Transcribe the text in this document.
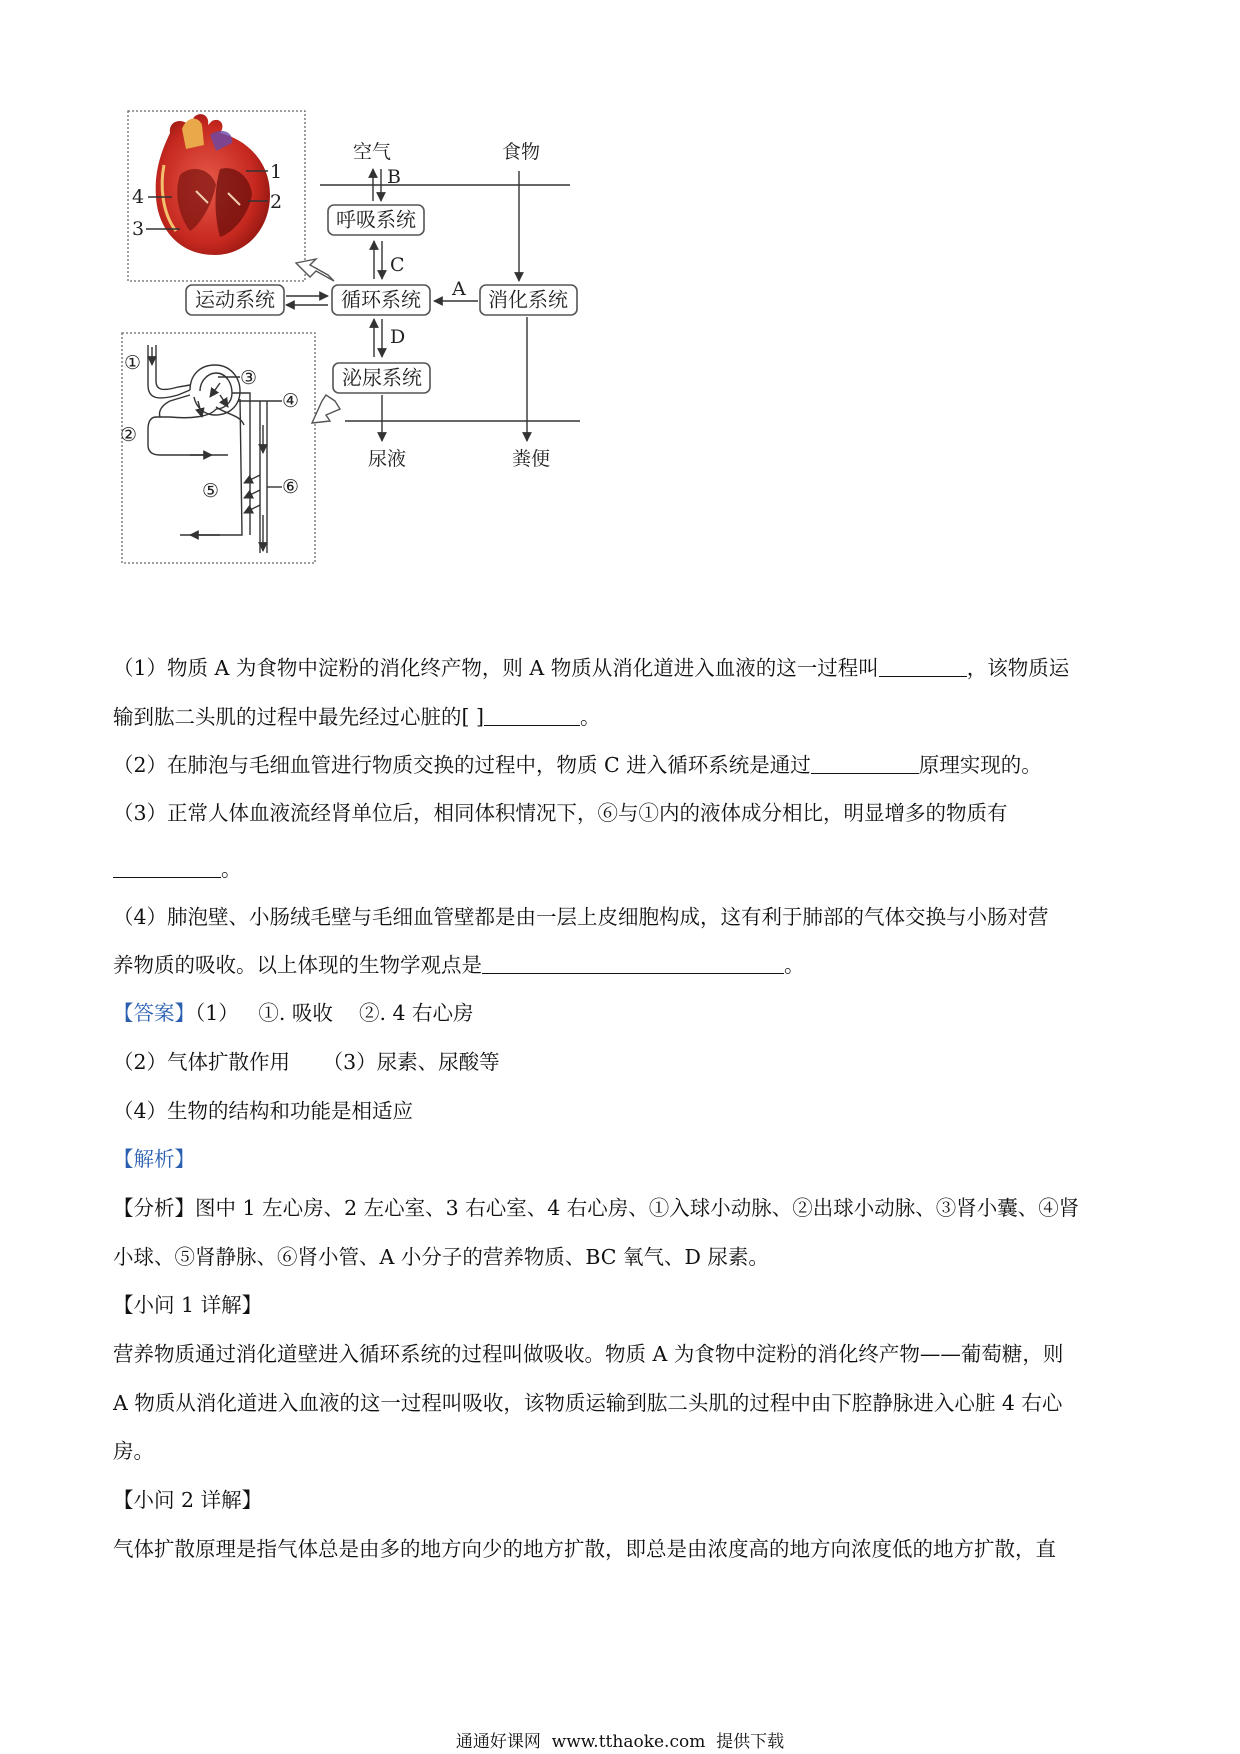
1
2
3
4
①
②
③
④
⑤	⑥
空气	食物
B
呼吸系统
循环系统	消化系统
运动系统
泌尿系统
C
A
D
尿液	粪便
（1）物质 A 为食物中淀粉的消化终产物，则 A 物质从消化道进入血液的这一过程叫	，该物质运
输到肱二头肌的过程中最先经过心脏的[ ]	。
（2）在肺泡与毛细血管进行物质交换的过程中，物质 C 进入循环系统是通过	原理实现的。
（3）正常人体血液流经肾单位后，相同体积情况下，⑥与①内的液体成分相比，明显增多的物质有
。
（4）肺泡壁、小肠绒毛壁与毛细血管壁都是由一层上皮细胞构成，这有利于肺部的气体交换与小肠对营
养物质的吸收。以上体现的生物学观点是	。
【答案】（1）   ①. 吸收    ②. 4 右心房
（2）气体扩散作用     （3）尿素、尿酸等
（4）生物的结构和功能是相适应
【解析】
【分析】图中 1 左心房、2 左心室、3 右心室、4 右心房、①入球小动脉、②出球小动脉、③肾小囊、④肾
小球、⑤肾静脉、⑥肾小管、A 小分子的营养物质、BC 氧气、D 尿素。
【小问 1 详解】
营养物质通过消化道壁进入循环系统的过程叫做吸收。物质 A 为食物中淀粉的消化终产物——葡萄糖，则
A 物质从消化道进入血液的这一过程叫吸收，该物质运输到肱二头肌的过程中由下腔静脉进入心脏 4 右心
房。
【小问 2 详解】
气体扩散原理是指气体总是由多的地方向少的地方扩散，即总是由浓度高的地方向浓度低的地方扩散，直
通通好课网  www.tthaoke.com  提供下载
